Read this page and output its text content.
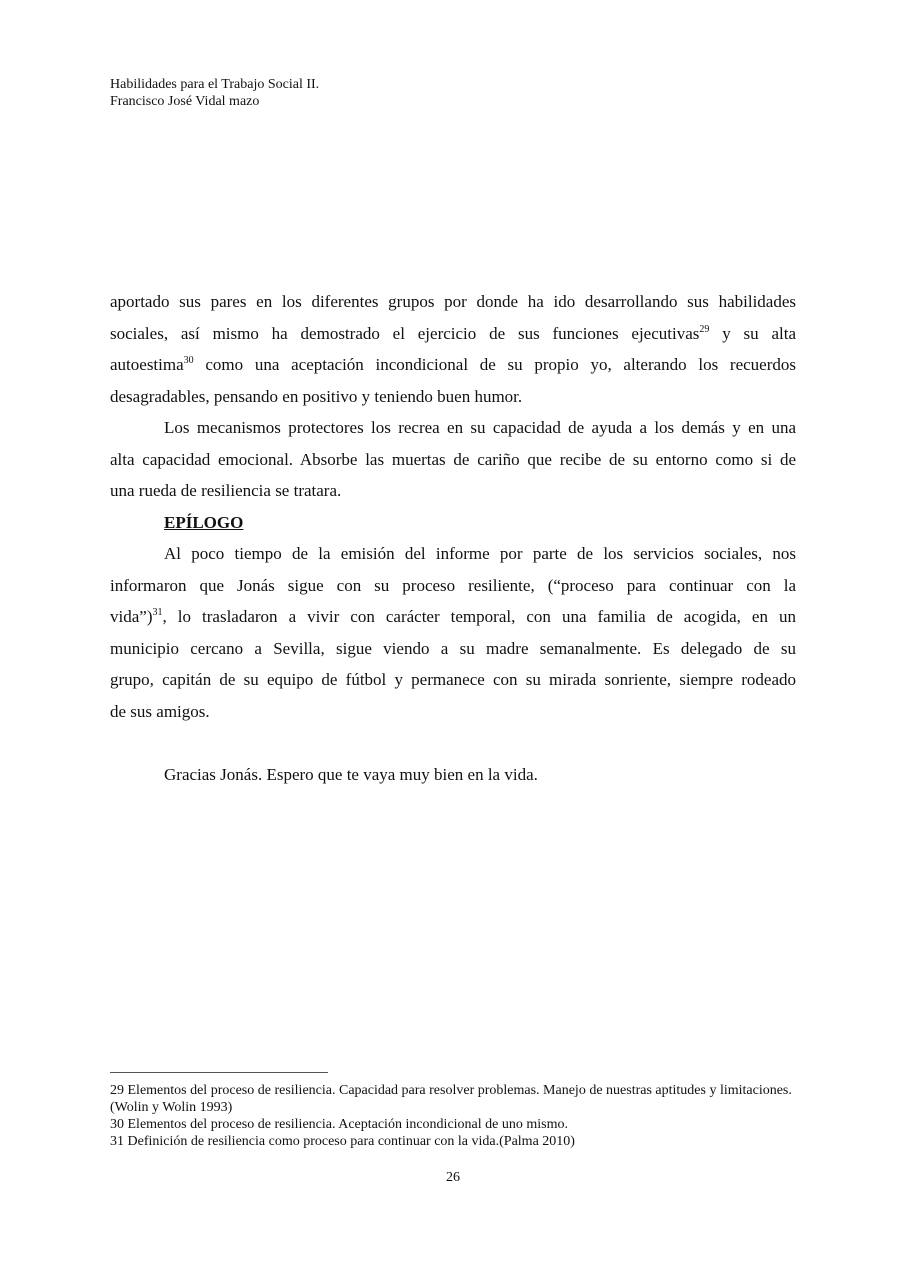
Habilidades para el Trabajo Social II.
Francisco José Vidal mazo
aportado sus pares en los diferentes grupos por donde ha ido desarrollando sus habilidades
sociales, así mismo ha demostrado el ejercicio de sus funciones ejecutivas$^{29}$ y su alta
autoestima$^{30}$ como una aceptación incondicional de su propio yo, alterando los recuerdos
desagradables, pensando en positivo y teniendo buen humor.
Los mecanismos protectores los recrea en su capacidad de ayuda a los demás y en una
alta capacidad emocional. Absorbe las muertas de cariño que recibe de su entorno como si de
una rueda de resiliencia se tratara.
EPÍLOGO
Al poco tiempo de la emisión del informe por parte de los servicios sociales, nos
informaron que Jonás sigue con su proceso resiliente, (“proceso para continuar con la
vida”)$^{31}$, lo trasladaron a vivir con carácter temporal, con una familia de acogida, en un
municipio cercano a Sevilla, sigue viendo a su madre semanalmente. Es delegado de su
grupo, capitán de su equipo de fútbol y permanece con su mirada sonriente, siempre rodeado
de sus amigos.
Gracias Jonás. Espero que te vaya muy bien en la vida.
29 Elementos del proceso de resiliencia. Capacidad para resolver problemas. Manejo de nuestras aptitudes y limitaciones.(Wolin y Wolin 1993)
30 Elementos del proceso de resiliencia. Aceptación incondicional de uno mismo.
31 Definición de resiliencia como proceso para continuar con la vida.(Palma 2010)
26
